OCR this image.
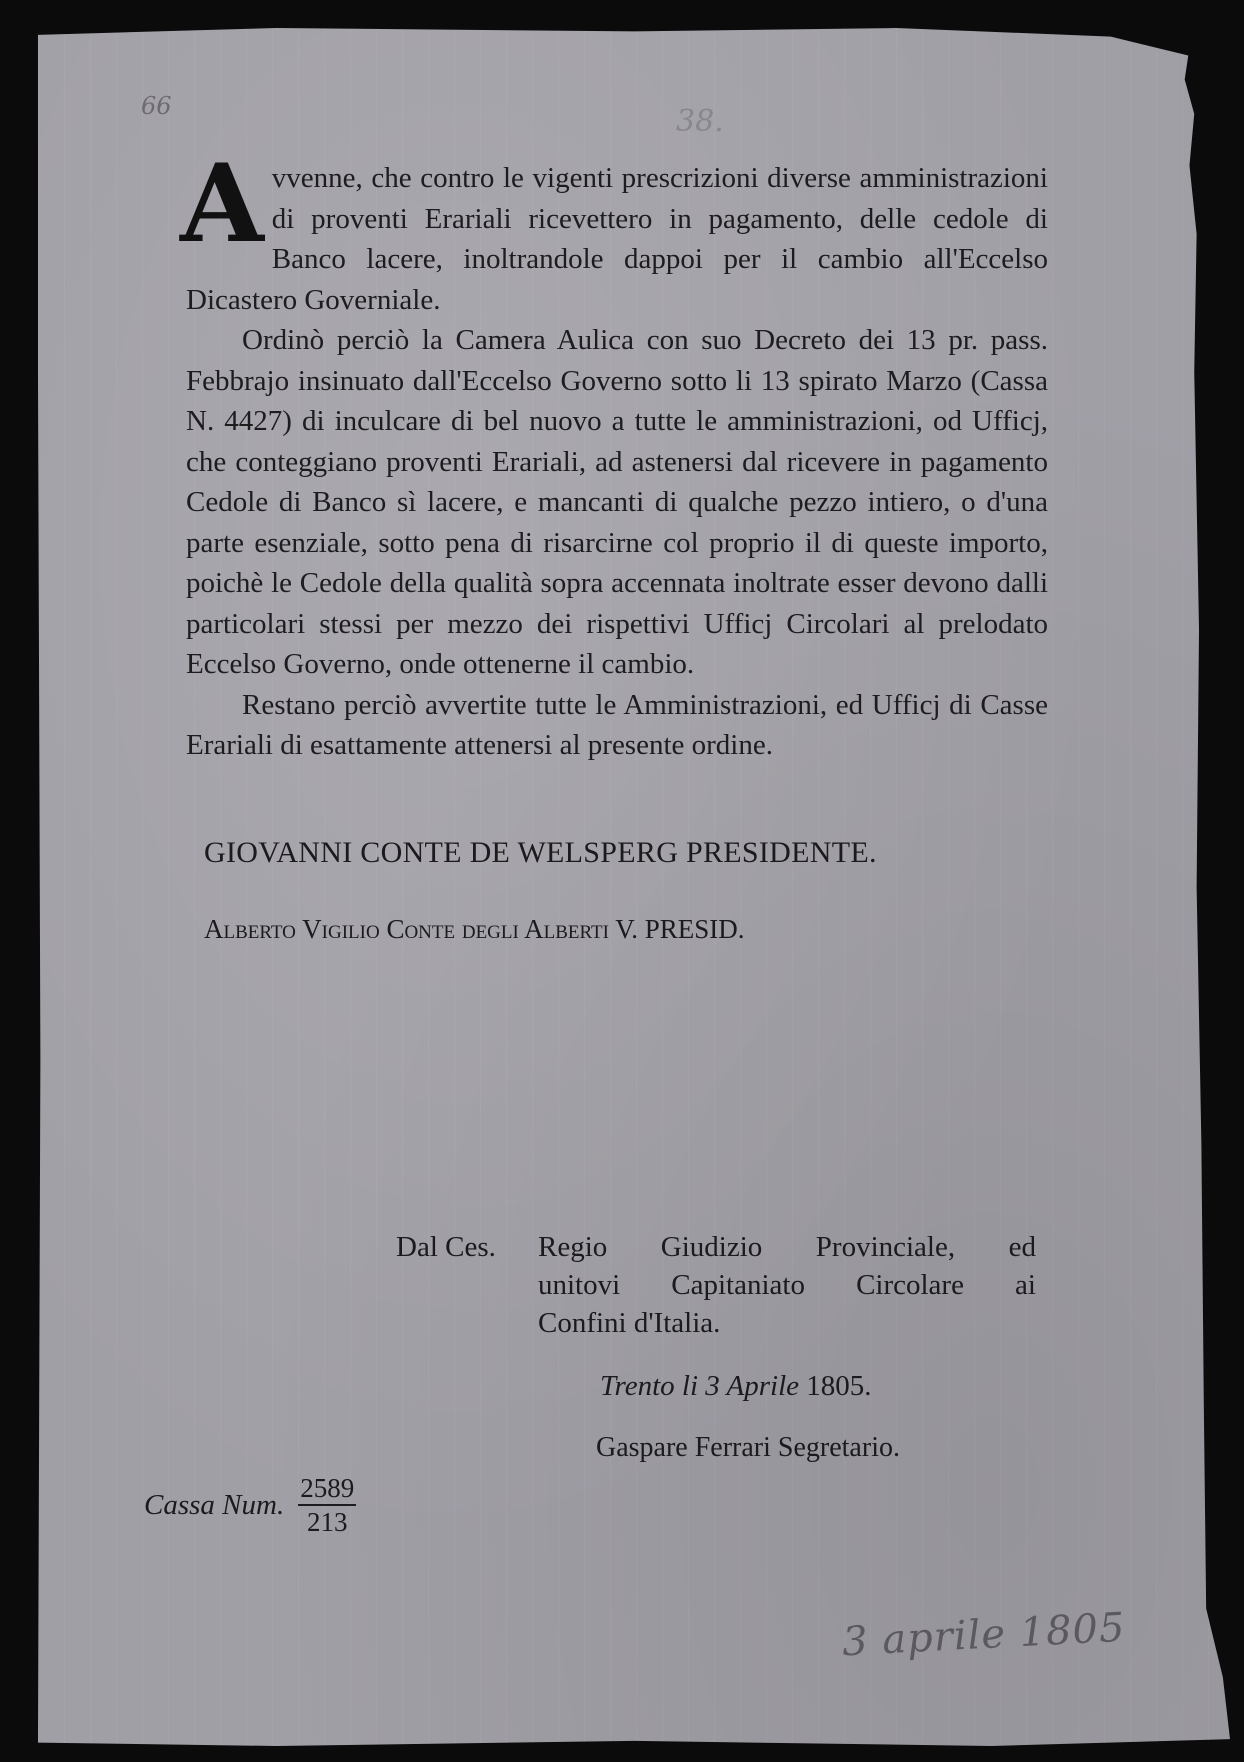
66	38.

Avvenne, che contro le vigenti prescrizioni diverse amministrazioni di proventi Erariali ricevettero in pagamento, delle cedole di Banco lacere, inoltrandole dappoi per il cambio all'Eccelso Dicastero Governiale.

Ordinò perciò la Camera Aulica con suo Decreto dei 13 pr. pass. Febbrajo insinuato dall'Eccelso Governo sotto li 13 spirato Marzo (Cassa N. 4427) di inculcare di bel nuovo a tutte le amministrazioni, od Ufficj, che conteggiano proventi Erariali, ad astenersi dal ricevere in pagamento Cedole di Banco sì lacere, e mancanti di qualche pezzo intiero, o d'una parte esenziale, sotto pena di risarcirne col proprio il di queste importo, poichè le Cedole della qualità sopra accennata inoltrate esser devono dalli particolari stessi per mezzo dei rispettivi Ufficj Circolari al prelodato Eccelso Governo, onde ottenerne il cambio.

Restano perciò avvertite tutte le Amministrazioni, ed Ufficj di Casse Erariali di esattamente attenersi al presente ordine.

GIOVANNI CONTE DE WELSPERG PRESIDENTE.

Alberto Vigilio Conte degli Alberti V. PRESID.

Dal Ces.	Regio Giudizio Provinciale, ed
unitovi Capitaniato Circolare ai
Confini d'Italia.
Trento li 3 Aprile 1805.
Gaspare Ferrari Segretario.
Cassa Num. $\frac{2589}{213}$
3 aprile 1805
